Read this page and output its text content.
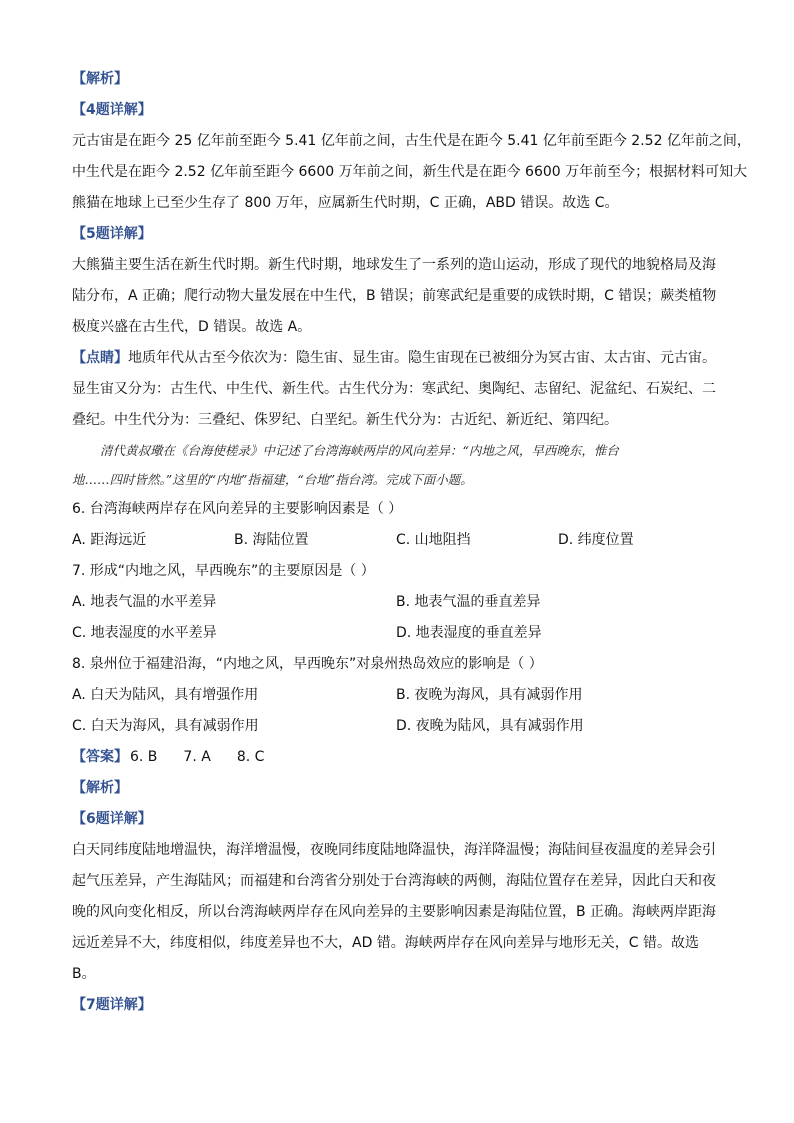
【解析】
【4题详解】
元古宙是在距今 25 亿年前至距今 5.41 亿年前之间，古生代是在距今 5.41 亿年前至距今 2.52 亿年前之间，
中生代是在距今 2.52 亿年前至距今 6600 万年前之间，新生代是在距今 6600 万年前至今；根据材料可知大
熊猫在地球上已至少生存了 800 万年，应属新生代时期，C 正确，ABD 错误。故选 C。
【5题详解】
大熊猫主要生活在新生代时期。新生代时期，地球发生了一系列的造山运动，形成了现代的地貌格局及海
陆分布，A 正确；爬行动物大量发展在中生代，B 错误；前寒武纪是重要的成铁时期，C 错误；蕨类植物
极度兴盛在古生代，D 错误。故选 A。
【点睛】地质年代从古至今依次为：隐生宙、显生宙。隐生宙现在已被细分为冥古宙、太古宙、元古宙。
显生宙又分为：古生代、中生代、新生代。古生代分为：寒武纪、奥陶纪、志留纪、泥盆纪、石炭纪、二
叠纪。中生代分为：三叠纪、侏罗纪、白垩纪。新生代分为：古近纪、新近纪、第四纪。
清代黄叔璥在《台海使槎录》中记述了台湾海峡两岸的风向差异：“内地之风，早西晚东，惟台
地……四时皆然。”这里的“内地”指福建，“台地”指台湾。完成下面小题。
6. 台湾海峡两岸存在风向差异的主要影响因素是（ ）
A. 距海远近	B. 海陆位置	C. 山地阻挡	D. 纬度位置
7. 形成“内地之风，早西晚东”的主要原因是（ ）
A. 地表气温的水平差异	B. 地表气温的垂直差异
C. 地表湿度的水平差异	D. 地表湿度的垂直差异
8. 泉州位于福建沿海，“内地之风，早西晚东”对泉州热岛效应的影响是（ ）
A. 白天为陆风，具有增强作用	B. 夜晚为海风，具有减弱作用
C. 白天为海风，具有减弱作用	D. 夜晚为陆风，具有减弱作用
【答案】 6. B 7. A 8. C
【解析】
【6题详解】
白天同纬度陆地增温快，海洋增温慢，夜晚同纬度陆地降温快，海洋降温慢；海陆间昼夜温度的差异会引
起气压差异，产生海陆风；而福建和台湾省分别处于台湾海峡的两侧，海陆位置存在差异，因此白天和夜
晚的风向变化相反，所以台湾海峡两岸存在风向差异的主要影响因素是海陆位置，B 正确。海峡两岸距海
远近差异不大，纬度相似，纬度差异也不大，AD 错。海峡两岸存在风向差异与地形无关，C 错。故选
B。
【7题详解】
